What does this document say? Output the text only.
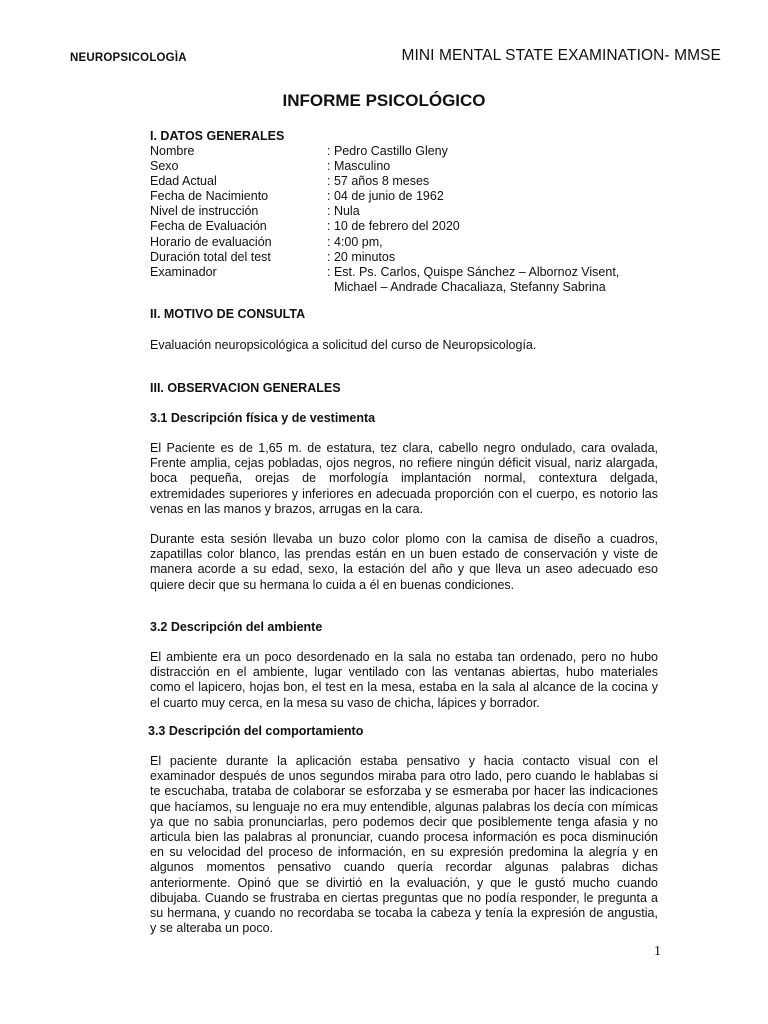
NEUROPSICOLOGÌA	MINI MENTAL STATE EXAMINATION- MMSE
INFORME PSICOLÓGICO
I. DATOS GENERALES
Nombre	: Pedro Castillo Gleny
Sexo	: Masculino
Edad Actual	: 57 años 8 meses
Fecha de Nacimiento	: 04 de junio de 1962
Nivel de instrucción	: Nula
Fecha de Evaluación	: 10 de febrero del 2020
Horario de evaluación	: 4:00 pm,
Duración total del test	: 20 minutos
Examinador	: Est. Ps. Carlos, Quispe Sánchez – Albornoz Visent,
Michael – Andrade Chacaliaza, Stefanny Sabrina
II. MOTIVO DE CONSULTA
Evaluación neuropsicológica a solicitud del curso de Neuropsicología.
III. OBSERVACION GENERALES
3.1 Descripción física y de vestimenta
El Paciente es de 1,65 m. de estatura, tez clara, cabello negro ondulado, cara ovalada, Frente amplia, cejas pobladas, ojos negros, no refiere ningún déficit visual, nariz alargada, boca pequeña, orejas de morfología implantación normal, contextura delgada, extremidades superiores y inferiores en adecuada proporción con el cuerpo, es notorio las venas en las manos y brazos, arrugas en la cara.
Durante esta sesión llevaba un buzo color plomo con la camisa de diseño a cuadros, zapatillas color blanco, las prendas están en un buen estado de conservación y viste de manera acorde a su edad, sexo, la estación del año y que lleva un aseo adecuado eso quiere decir que su hermana lo cuida a él en buenas condiciones.
3.2 Descripción del ambiente
El ambiente era un poco desordenado en la sala no estaba tan ordenado, pero no hubo distracción en el ambiente, lugar ventilado con las ventanas abiertas, hubo materiales como el lapicero, hojas bon, el test en la mesa, estaba en la sala al alcance de la cocina y el cuarto muy cerca, en la mesa su vaso de chicha, lápices y borrador.
3.3 Descripción del comportamiento
El paciente durante la aplicación estaba pensativo y hacia contacto visual con el examinador después de unos segundos miraba para otro lado, pero cuando le hablabas si te escuchaba, trataba de colaborar se esforzaba y se esmeraba por hacer las indicaciones que hacíamos, su lenguaje no era muy entendible, algunas palabras los decía con mímicas ya que no sabia pronunciarlas, pero podemos decir que posiblemente tenga afasia y no articula bien las palabras al pronunciar, cuando procesa información es poca disminución en su velocidad del proceso de información, en su expresión predomina la alegría y en algunos momentos pensativo cuando quería recordar algunas palabras dichas anteriormente. Opinó que se divirtió en la evaluación, y que le gustó mucho cuando dibujaba. Cuando se frustraba en ciertas preguntas que no podía responder, le pregunta a su hermana, y cuando no recordaba se tocaba la cabeza y tenía la expresión de angustia, y se alteraba un poco.
1
